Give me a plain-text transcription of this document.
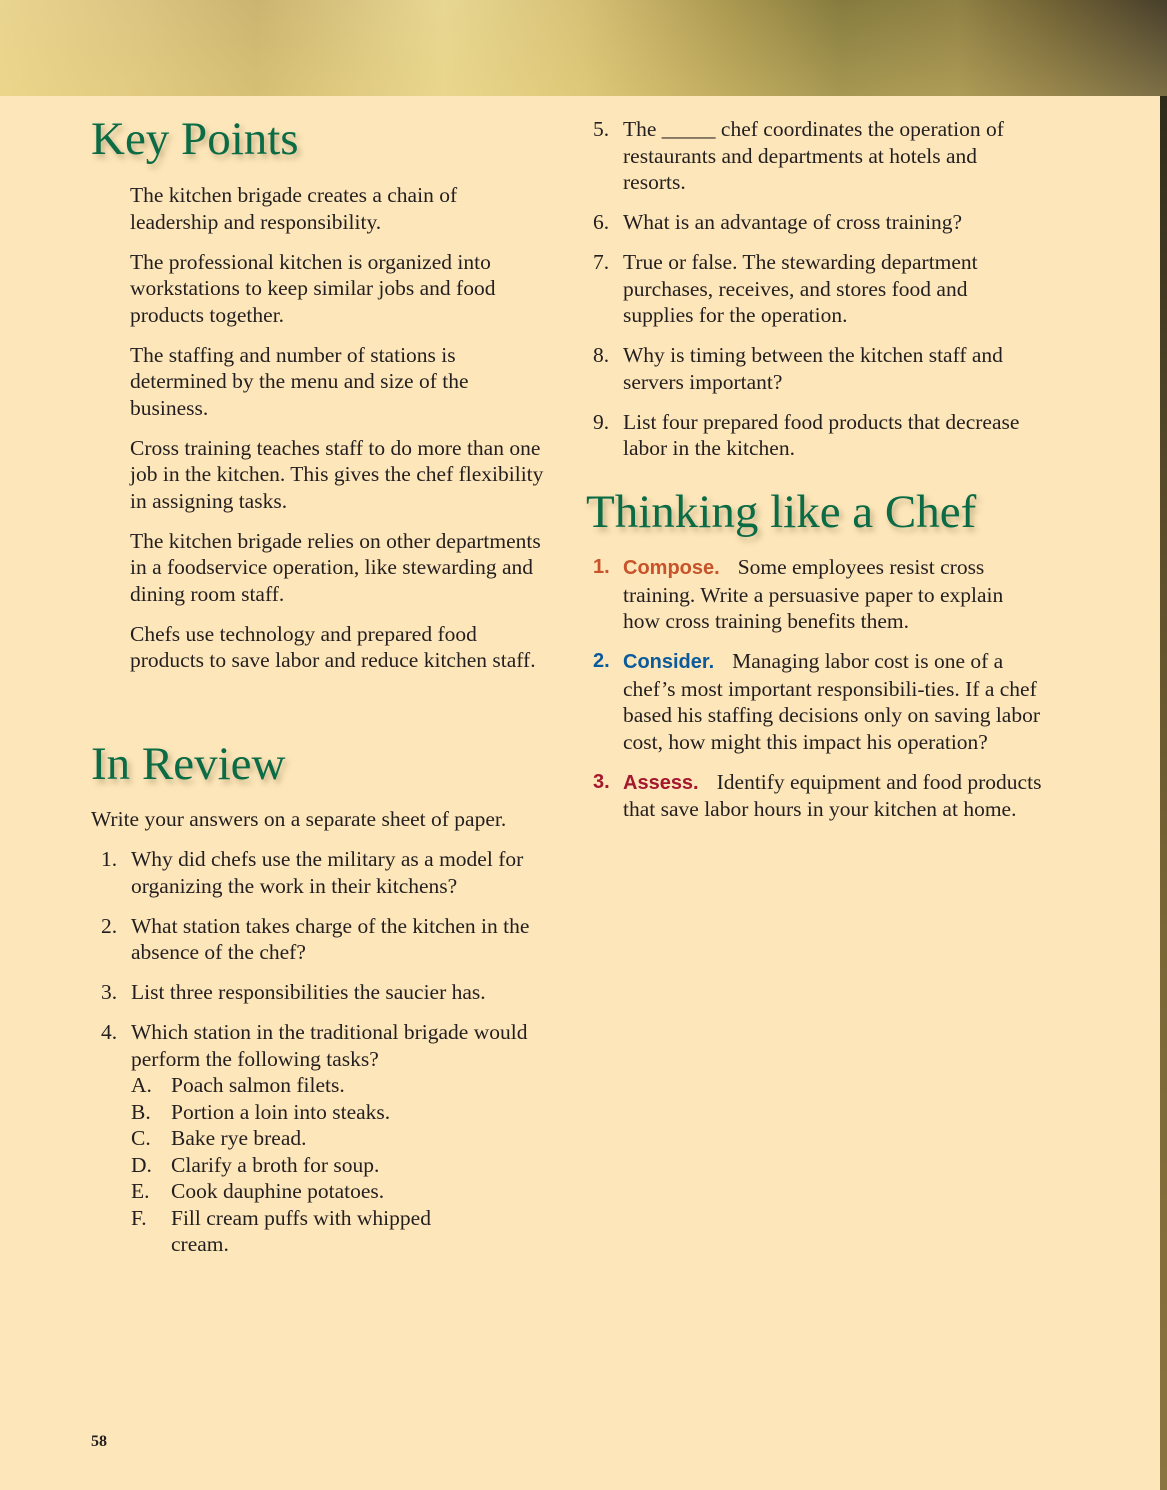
Key Points

The kitchen brigade creates a chain of leadership and responsibility.

The professional kitchen is organized into workstations to keep similar jobs and food products together.

The staffing and number of stations is determined by the menu and size of the business.

Cross training teaches staff to do more than one job in the kitchen. This gives the chef flexibility in assigning tasks.

The kitchen brigade relies on other departments in a foodservice operation, like stewarding and dining room staff.

Chefs use technology and prepared food products to save labor and reduce kitchen staff.

In Review

Write your answers on a separate sheet of paper.

1. Why did chefs use the military as a model for organizing the work in their kitchens?
2. What station takes charge of the kitchen in the absence of the chef?
3. List three responsibilities the saucier has.
4. Which station in the traditional brigade would perform the following tasks?
A. Poach salmon filets.
B. Portion a loin into steaks.
C. Bake rye bread.
D. Clarify a broth for soup.
E. Cook dauphine potatoes.
F.	Fill cream puffs with whipped cream.
5. The _____ chef coordinates the operation of restaurants and departments at hotels and resorts.
6. What is an advantage of cross training?
7. True or false. The stewarding department purchases, receives, and stores food and supplies for the operation.
8. Why is timing between the kitchen staff and servers important?
9. List four prepared food products that decrease labor in the kitchen.
Thinking like a Chef
1. Compose. Some employees resist cross training. Write a persuasive paper to explain how cross training benefits them.
2. Consider. Managing labor cost is one of a chef’s most important responsibili-ties. If a chef based his staffing decisions only on saving labor cost, how might this impact his operation?
3. Assess. Identify equipment and food products that save labor hours in your kitchen at home.
58
